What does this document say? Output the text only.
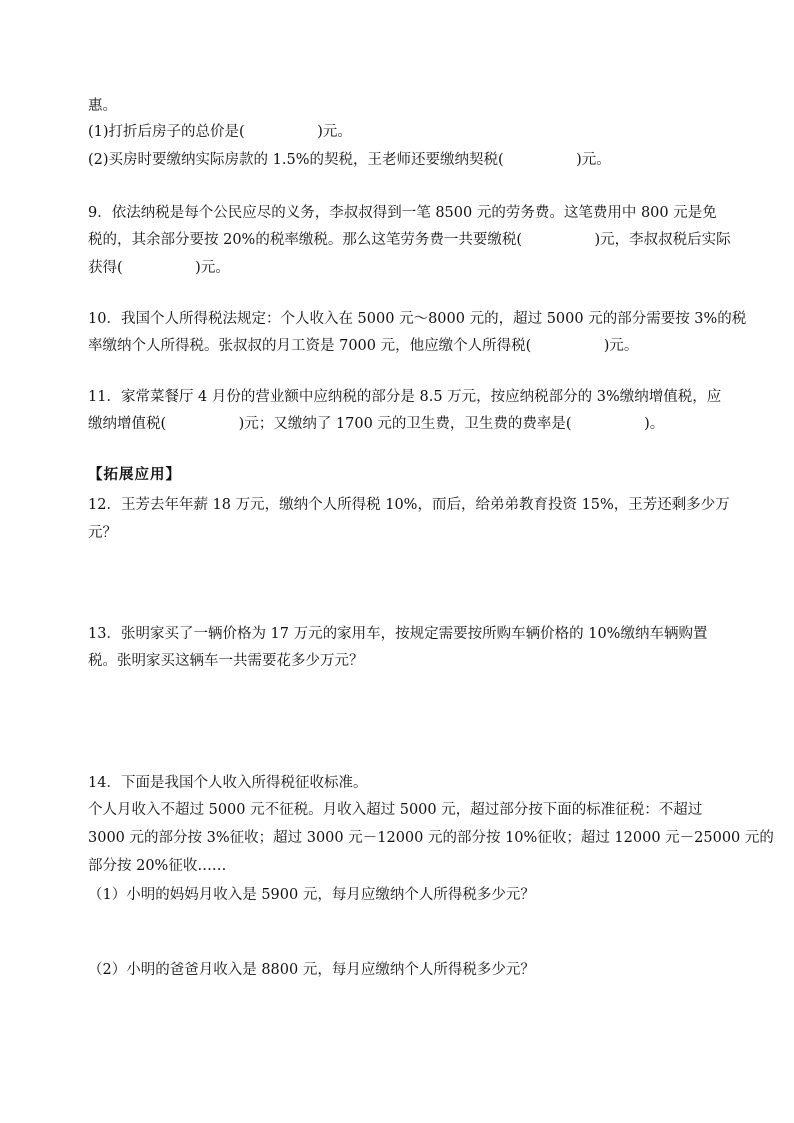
惠。
(1)打折后房子的总价是(　　　　　)元。
(2)买房时要缴纳实际房款的 1.5%的契税，王老师还要缴纳契税(　　　　　)元。
9．依法纳税是每个公民应尽的义务，李叔叔得到一笔 8500 元的劳务费。这笔费用中 800 元是免
税的，其余部分要按 20%的税率缴税。那么这笔劳务费一共要缴税(　　　　　)元，李叔叔税后实际
获得(　　　　　)元。
10．我国个人所得税法规定：个人收入在 5000 元～8000 元的，超过 5000 元的部分需要按 3%的税
率缴纳个人所得税。张叔叔的月工资是 7000 元，他应缴个人所得税(　　　　　)元。
11．家常菜餐厅 4 月份的营业额中应纳税的部分是 8.5 万元，按应纳税部分的 3%缴纳增值税，应
缴纳增值税(　　　　　)元；又缴纳了 1700 元的卫生费，卫生费的费率是(　　　　　)。
【拓展应用】
12．王芳去年年薪 18 万元，缴纳个人所得税 10%，而后，给弟弟教育投资 15%，王芳还剩多少万
元？
13．张明家买了一辆价格为 17 万元的家用车，按规定需要按所购车辆价格的 10%缴纳车辆购置
税。张明家买这辆车一共需要花多少万元？
14．下面是我国个人收入所得税征收标准。
个人月收入不超过 5000 元不征税。月收入超过 5000 元，超过部分按下面的标准征税：不超过
3000 元的部分按 3%征收；超过 3000 元－12000 元的部分按 10%征收；超过 12000 元－25000 元的
部分按 20%征收……
（1）小明的妈妈月收入是 5900 元，每月应缴纳个人所得税多少元？
（2）小明的爸爸月收入是 8800 元，每月应缴纳个人所得税多少元？
